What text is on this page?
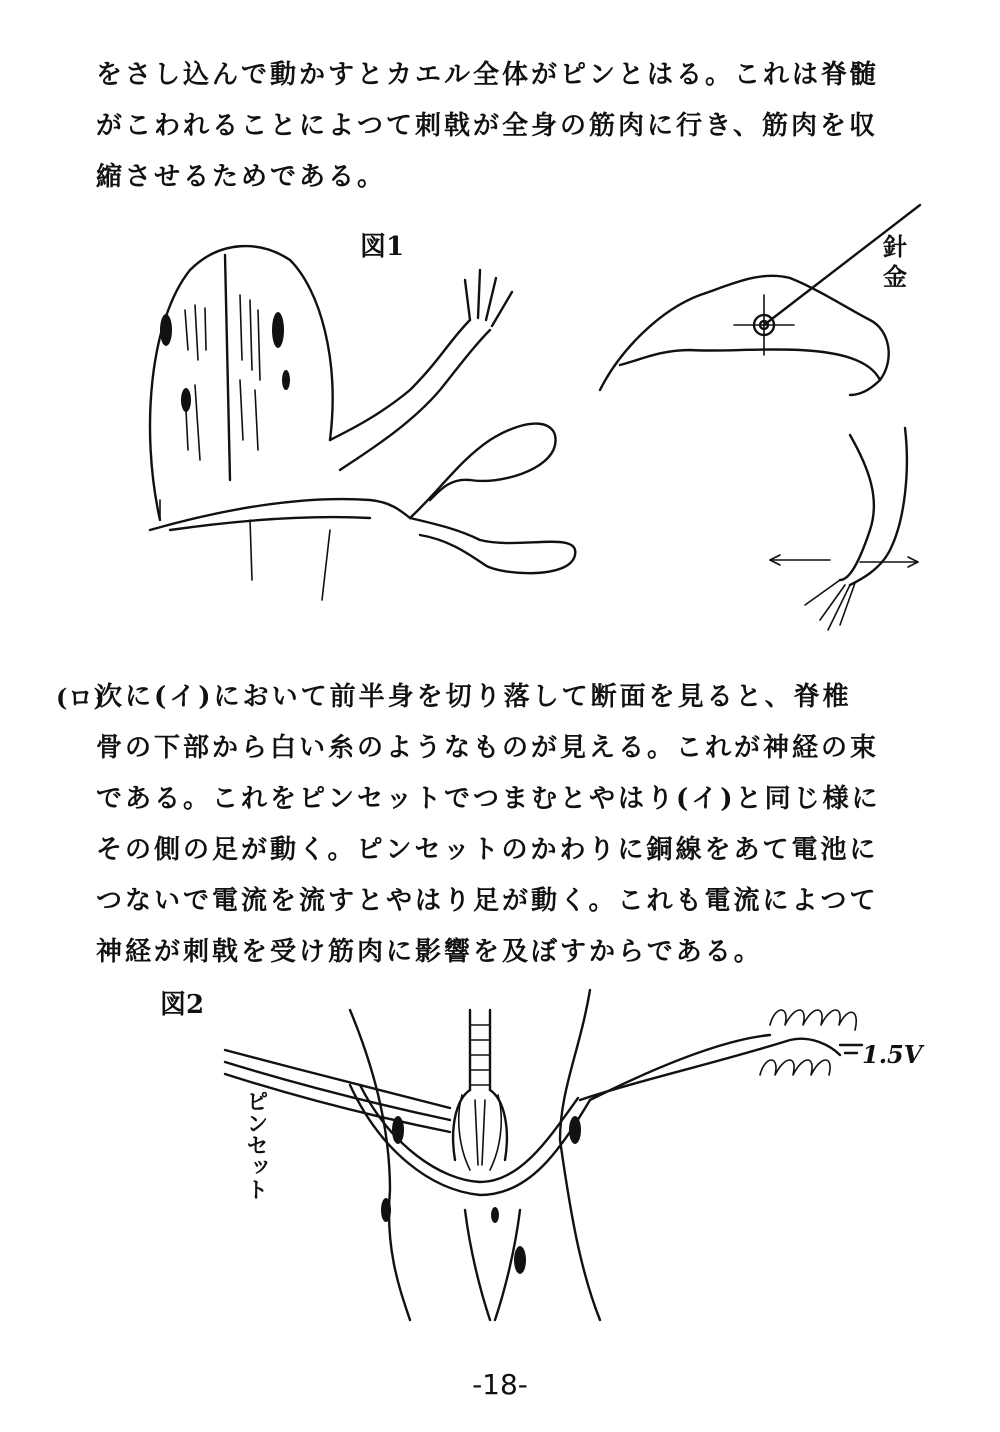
をさし込んで動かすとカエル全体がピンとはる。これは脊髄
がこわれることによつて刺戟が全身の筋肉に行き、筋肉を収
縮させるためである。

図1	針金
(ロ)

次に(イ)において前半身を切り落して断面を見ると、脊椎
骨の下部から白い糸のようなものが見える。これが神経の束
である。これをピンセットでつまむとやはり(イ)と同じ様に
その側の足が動く。ピンセットのかわりに銅線をあて電池に
つないで電流を流すとやはり足が動く。これも電流によつて
神経が刺戟を受け筋肉に影響を及ぼすからである。

図2
ピンセット
1.5V
-18-
